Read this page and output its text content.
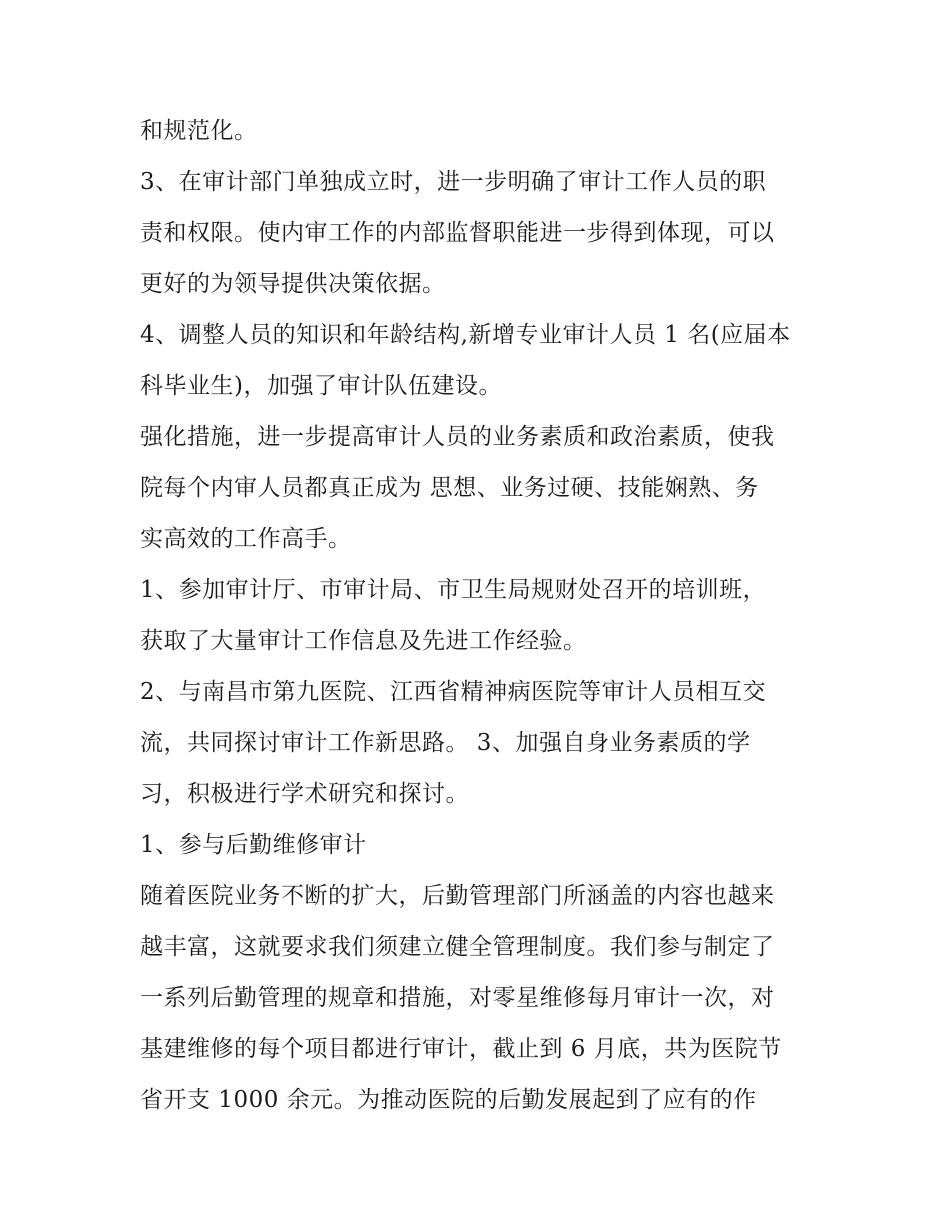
和规范化。
3、在审计部门单独成立时，进一步明确了审计工作人员的职
责和权限。使内审工作的内部监督职能进一步得到体现，可以
更好的为领导提供决策依据。
4、调整人员的知识和年龄结构,新增专业审计人员 1 名(应届本
科毕业生)，加强了审计队伍建设。
强化措施，进一步提高审计人员的业务素质和政治素质，使我
院每个内审人员都真正成为 思想、业务过硬、技能娴熟、务
实高效的工作高手。
1、参加审计厅、市审计局、市卫生局规财处召开的培训班，
获取了大量审计工作信息及先进工作经验。
2、与南昌市第九医院、江西省精神病医院等审计人员相互交
流，共同探讨审计工作新思路。 3、加强自身业务素质的学
习，积极进行学术研究和探讨。
1、参与后勤维修审计
随着医院业务不断的扩大，后勤管理部门所涵盖的内容也越来
越丰富，这就要求我们须建立健全管理制度。我们参与制定了
一系列后勤管理的规章和措施，对零星维修每月审计一次，对
基建维修的每个项目都进行审计，截止到 6 月底，共为医院节
省开支 1000 余元。为推动医院的后勤发展起到了应有的作
